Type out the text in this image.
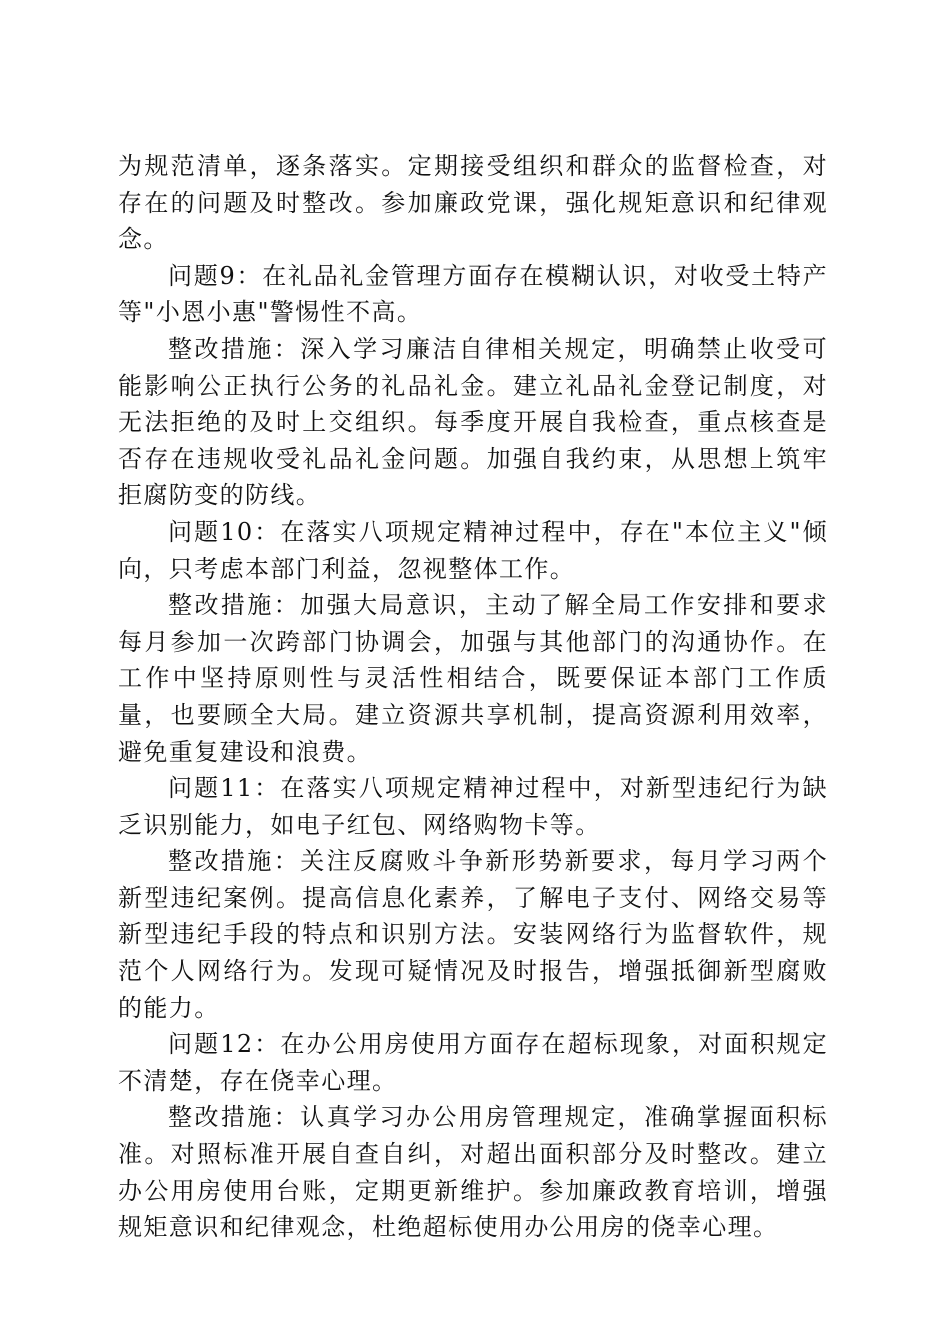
为规范清单，逐条落实。定期接受组织和群众的监督检查，对存在的问题及时整改。参加廉政党课，强化规矩意识和纪律观念。

问题9：在礼品礼金管理方面存在模糊认识，对收受土特产等"小恩小惠"警惕性不高。

整改措施：深入学习廉洁自律相关规定，明确禁止收受可能影响公正执行公务的礼品礼金。建立礼品礼金登记制度，对无法拒绝的及时上交组织。每季度开展自我检查，重点核查是否存在违规收受礼品礼金问题。加强自我约束，从思想上筑牢拒腐防变的防线。

问题10：在落实八项规定精神过程中，存在"本位主义"倾向，只考虑本部门利益，忽视整体工作。

整改措施：加强大局意识，主动了解全局工作安排和要求每月参加一次跨部门协调会，加强与其他部门的沟通协作。在工作中坚持原则性与灵活性相结合，既要保证本部门工作质量，也要顾全大局。建立资源共享机制，提高资源利用效率，避免重复建设和浪费。

问题11：在落实八项规定精神过程中，对新型违纪行为缺乏识别能力，如电子红包、网络购物卡等。

整改措施：关注反腐败斗争新形势新要求，每月学习两个新型违纪案例。提高信息化素养，了解电子支付、网络交易等新型违纪手段的特点和识别方法。安装网络行为监督软件，规范个人网络行为。发现可疑情况及时报告，增强抵御新型腐败的能力。

问题12：在办公用房使用方面存在超标现象，对面积规定不清楚，存在侥幸心理。

整改措施：认真学习办公用房管理规定，准确掌握面积标准。对照标准开展自查自纠，对超出面积部分及时整改。建立办公用房使用台账，定期更新维护。参加廉政教育培训，增强规矩意识和纪律观念，杜绝超标使用办公用房的侥幸心理。
